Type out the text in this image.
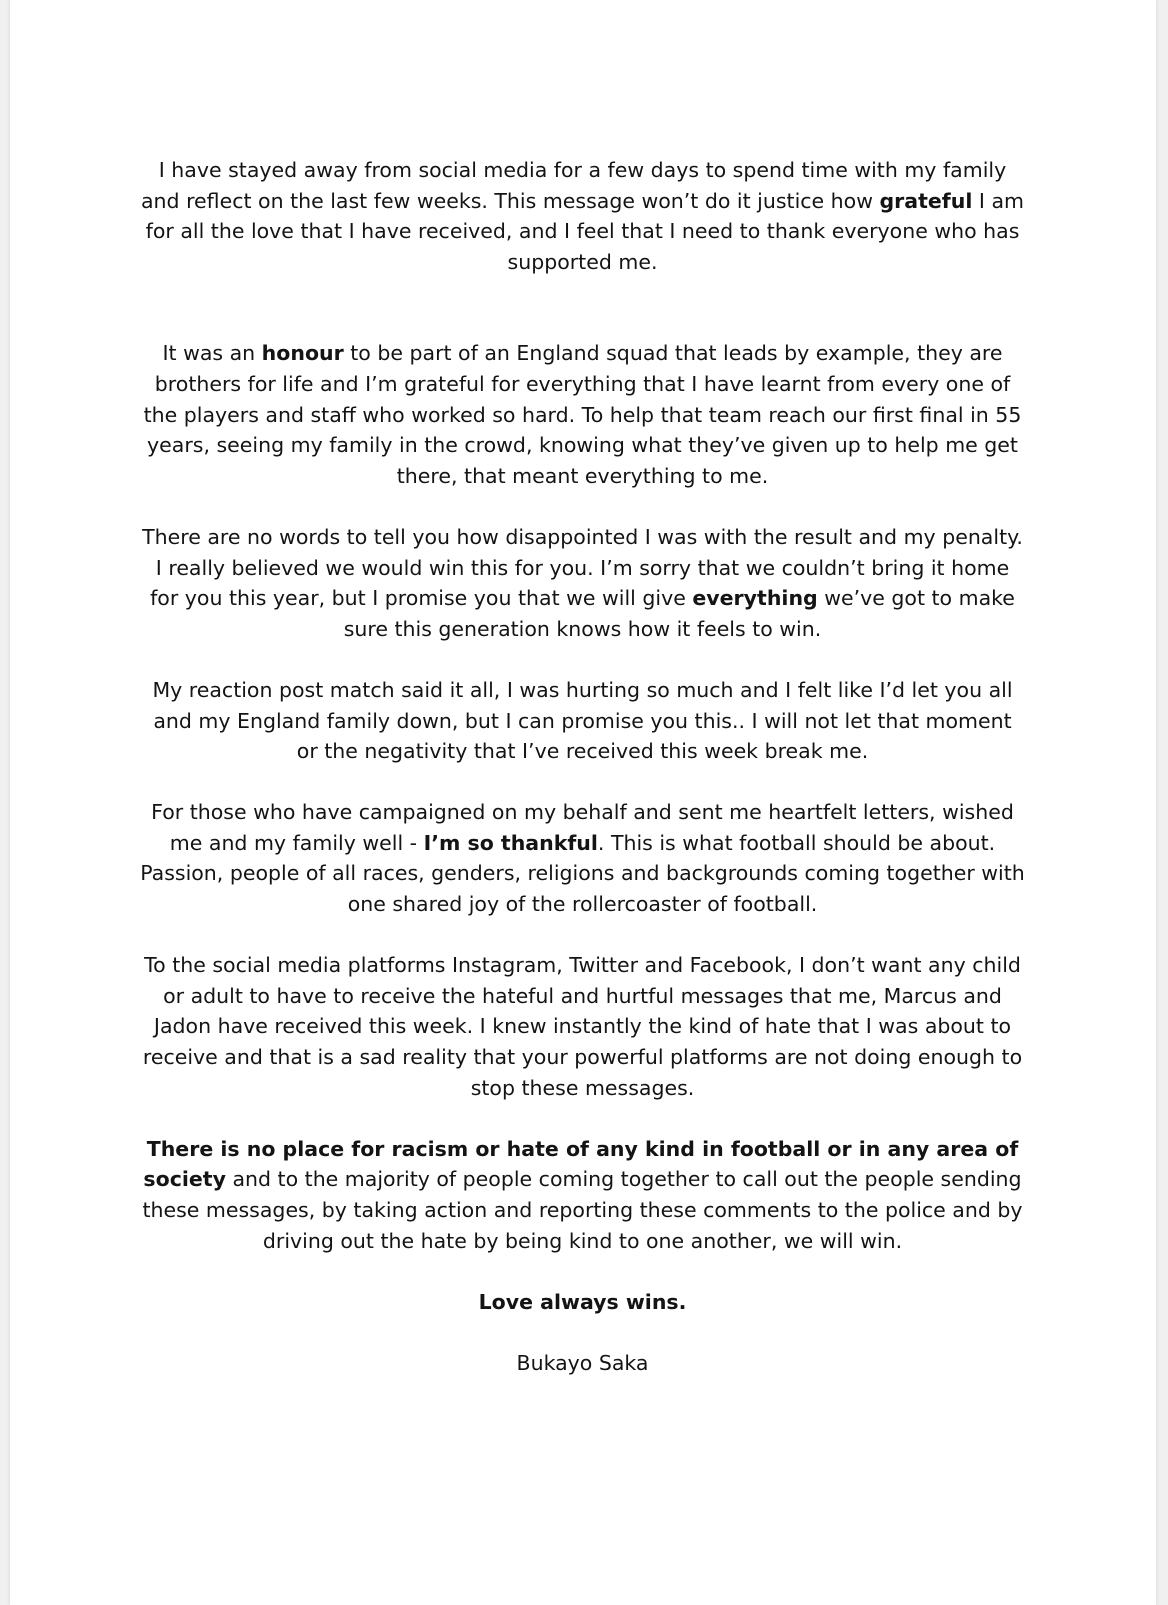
I have stayed away from social media for a few days to spend time with my family and reflect on the last few weeks. This message won’t do it justice how grateful I am for all the love that I have received, and I feel that I need to thank everyone who has supported me.

It was an honour to be part of an England squad that leads by example, they are brothers for life and I’m grateful for everything that I have learnt from every one of the players and staff who worked so hard. To help that team reach our first final in 55 years, seeing my family in the crowd, knowing what they’ve given up to help me get there, that meant everything to me.

There are no words to tell you how disappointed I was with the result and my penalty. I really believed we would win this for you. I’m sorry that we couldn’t bring it home for you this year, but I promise you that we will give everything we’ve got to make sure this generation knows how it feels to win.

My reaction post match said it all, I was hurting so much and I felt like I’d let you all and my England family down, but I can promise you this.. I will not let that moment or the negativity that I’ve received this week break me.

For those who have campaigned on my behalf and sent me heartfelt letters, wished me and my family well - I’m so thankful. This is what football should be about. Passion, people of all races, genders, religions and backgrounds coming together with one shared joy of the rollercoaster of football.

To the social media platforms Instagram, Twitter and Facebook, I don’t want any child or adult to have to receive the hateful and hurtful messages that me, Marcus and Jadon have received this week. I knew instantly the kind of hate that I was about to receive and that is a sad reality that your powerful platforms are not doing enough to stop these messages.

There is no place for racism or hate of any kind in football or in any area of society and to the majority of people coming together to call out the people sending these messages, by taking action and reporting these comments to the police and by driving out the hate by being kind to one another, we will win.

Love always wins.

Bukayo Saka
